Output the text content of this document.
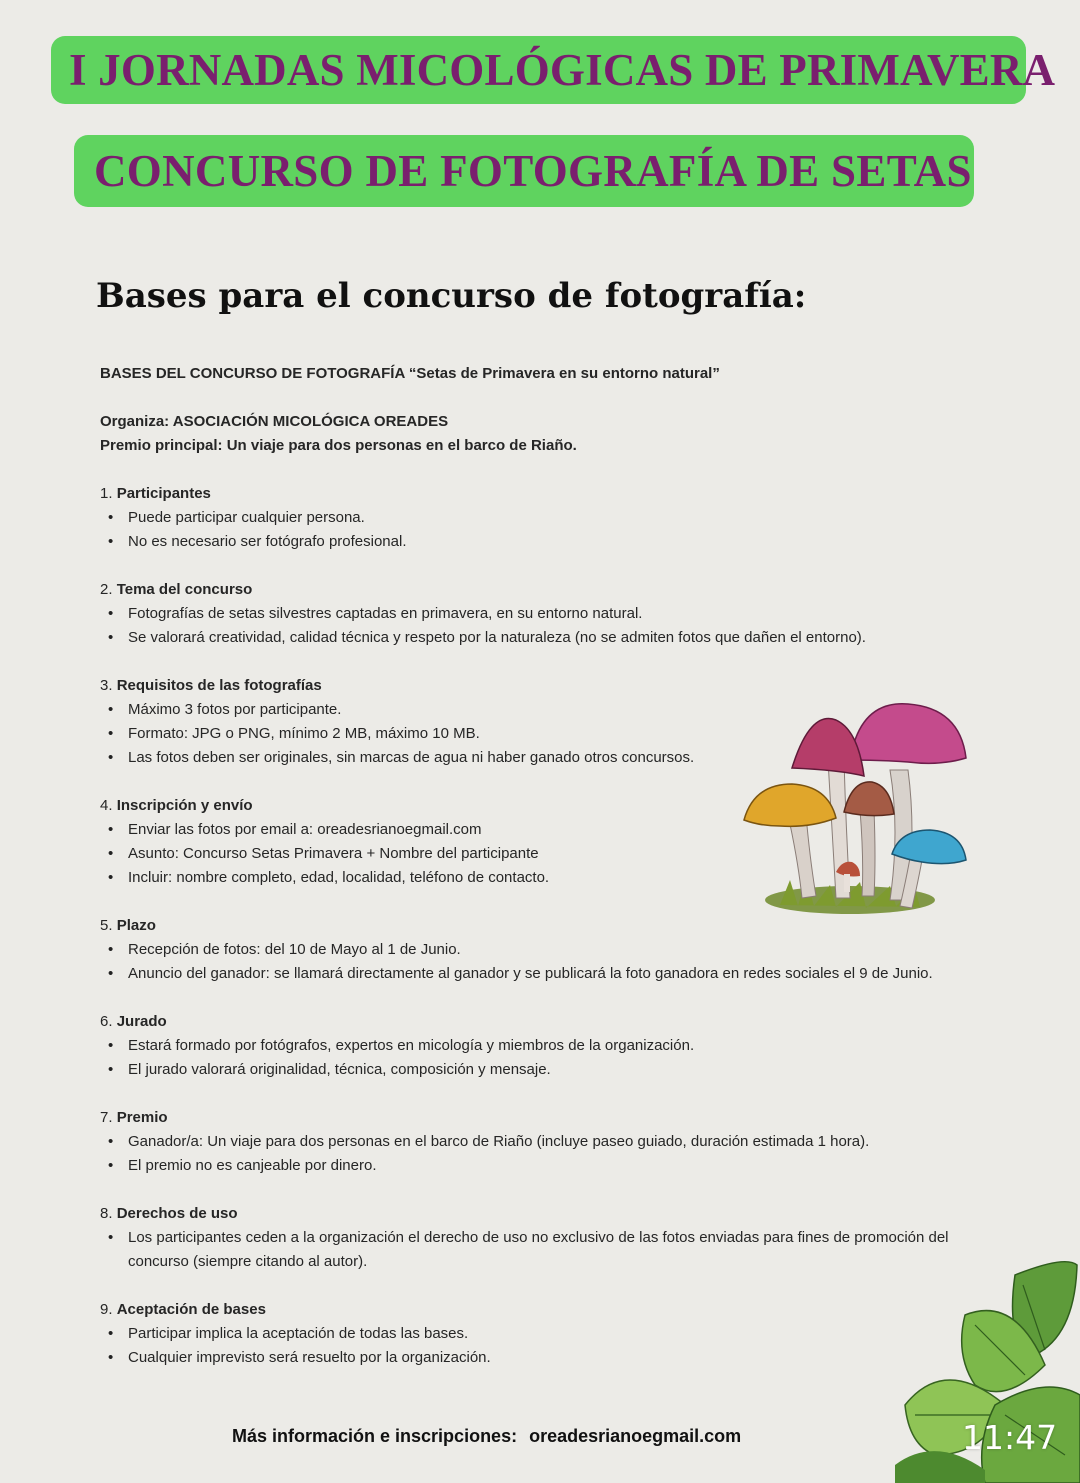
I JORNADAS MICOLÓGICAS DE PRIMAVERA
CONCURSO DE FOTOGRAFÍA DE SETAS
Bases para el concurso de fotografía:

BASES DEL CONCURSO DE FOTOGRAFÍA “Setas de Primavera en su entorno natural”

Organiza: ASOCIACIÓN MICOLÓGICA OREADES

Premio principal: Un viaje para dos personas en el barco de Riaño.

1. Participantes

• Puede participar cualquier persona.
• No es necesario ser fotógrafo profesional.

2. Tema del concurso

• Fotografías de setas silvestres captadas en primavera, en su entorno natural.
• Se valorará creatividad, calidad técnica y respeto por la naturaleza (no se admiten fotos que dañen el entorno).

3. Requisitos de las fotografías

• Máximo 3 fotos por participante.
• Formato: JPG o PNG, mínimo 2 MB, máximo 10 MB.
• Las fotos deben ser originales, sin marcas de agua ni haber ganado otros concursos.

4. Inscripción y envío

• Enviar las fotos por email a: oreadesrianoegmail.com
• Asunto: Concurso Setas Primavera + Nombre del participante
• Incluir: nombre completo, edad, localidad, teléfono de contacto.

5. Plazo

• Recepción de fotos: del 10 de Mayo al 1 de Junio.
• Anuncio del ganador: se llamará directamente al ganador y se publicará la foto ganadora en redes sociales el 9 de Junio.

6. Jurado

• Estará formado por fotógrafos, expertos en micología y miembros de la organización.
• El jurado valorará originalidad, técnica, composición y mensaje.

7. Premio

• Ganador/a: Un viaje para dos personas en el barco de Riaño (incluye paseo guiado, duración estimada 1 hora).
• El premio no es canjeable por dinero.

8. Derechos de uso

• Los participantes ceden a la organización el derecho de uso no exclusivo de las fotos enviadas para fines de promoción del concurso (siempre citando al autor).

9. Aceptación de bases

• Participar implica la aceptación de todas las bases.
• Cualquier imprevisto será resuelto por la organización.
Más información e inscripciones: oreadesrianoegmail.com	11:47
